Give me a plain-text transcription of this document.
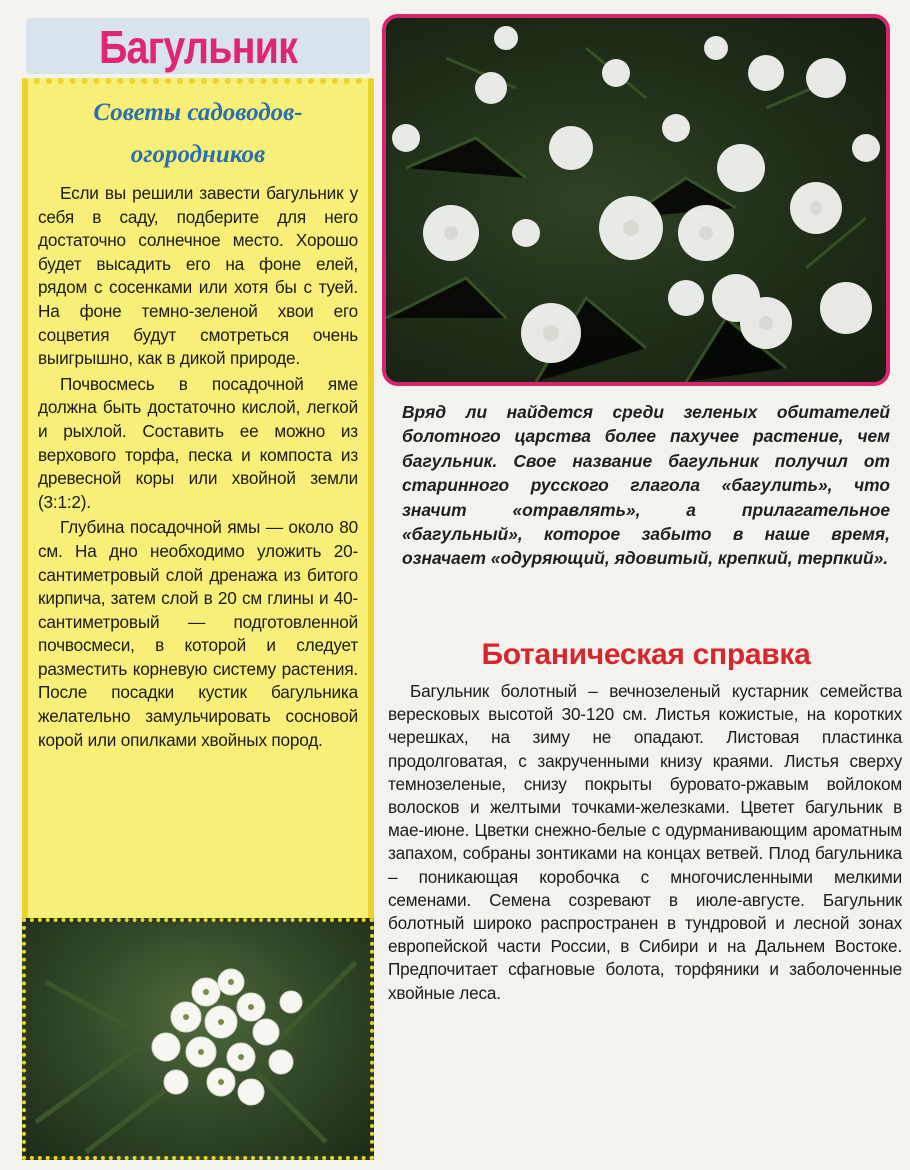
Багульник
Советы садоводов-
огородников

Если вы решили завести багульник у себя в саду, подберите для него достаточно солнечное место. Хорошо будет высадить его на фоне елей, рядом с сосенками или хотя бы с туей. На фоне темно-зеленой хвои его соцветия будут смотреться очень выигрышно, как в дикой природе.

Почвосмесь в посадочной яме должна быть достаточно кислой, легкой и рыхлой. Составить ее можно из верхового торфа, песка и компоста из древесной коры или хвойной земли (3:1:2).

Глубина посадочной ямы — около 80 см. На дно необходимо уложить 20-сантиметровый слой дренажа из битого кирпича, затем слой в 20 см глины и 40-сантиметровый — подготовленной почвосмеси, в которой и следует разместить корневую систему растения. После посадки кустик багульника желательно замульчировать сосновой корой или опилками хвойных пород.

Вряд ли найдется среди зеленых обитателей болотного царства более пахучее растение, чем багульник. Свое название багульник получил от старинного русского глагола «багулить», что значит «отравлять», а прилагательное «багульный», которое забыто в наше время, означает «одуряющий, ядовитый, крепкий, терпкий».
Ботаническая справка

Багульник болотный – вечнозеленый кустарник семейства вересковых высотой 30-120 см. Листья кожистые, на коротких черешках, на зиму не опадают. Листовая пластинка продолговатая, с закрученными книзу краями. Листья сверху темнозеленые, снизу покрыты буровато-ржавым войлоком волосков и желтыми точками-железками. Цветет багульник в мае-июне. Цветки снежно-белые с одурманивающим ароматным запахом, собраны зонтиками на концах ветвей. Плод багульника – поникающая коробочка с многочисленными мелкими семенами. Семена созревают в июле-августе. Багульник болотный широко распространен в тундровой и лесной зонах европейской части России, в Сибири и на Дальнем Востоке. Предпочитает сфагновые болота, торфяники и заболоченные хвойные леса.
